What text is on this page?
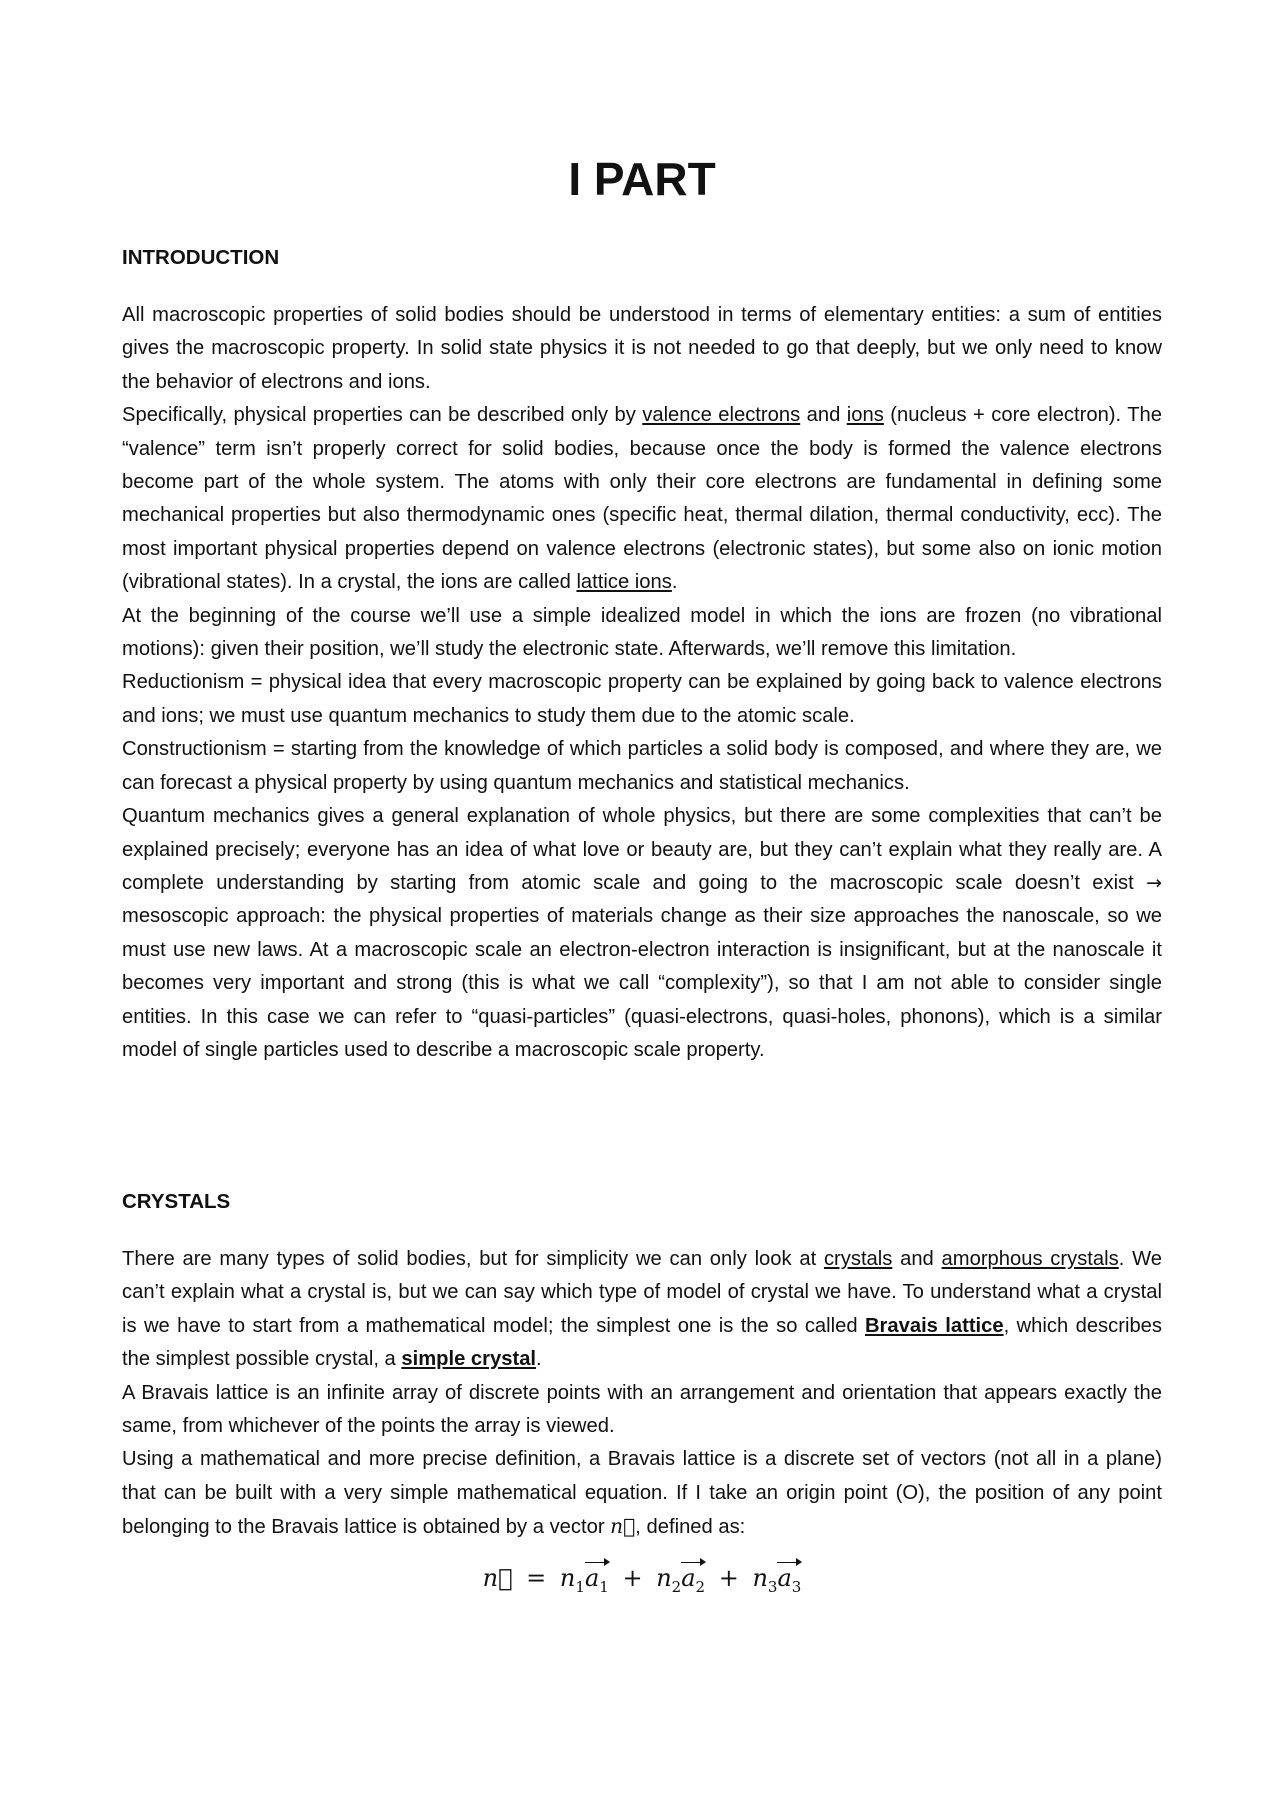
I PART
INTRODUCTION

All macroscopic properties of solid bodies should be understood in terms of elementary entities: a sum of entities gives the macroscopic property. In solid state physics it is not needed to go that deeply, but we only need to know the behavior of electrons and ions.

Specifically, physical properties can be described only by valence electrons and ions (nucleus + core electron). The “valence” term isn’t properly correct for solid bodies, because once the body is formed the valence electrons become part of the whole system. The atoms with only their core electrons are fundamental in defining some mechanical properties but also thermodynamic ones (specific heat, thermal dilation, thermal conductivity, ecc). The most important physical properties depend on valence electrons (electronic states), but some also on ionic motion (vibrational states). In a crystal, the ions are called lattice ions.

At the beginning of the course we’ll use a simple idealized model in which the ions are frozen (no vibrational motions): given their position, we’ll study the electronic state. Afterwards, we’ll remove this limitation.

Reductionism = physical idea that every macroscopic property can be explained by going back to valence electrons and ions; we must use quantum mechanics to study them due to the atomic scale.

Constructionism = starting from the knowledge of which particles a solid body is composed, and where they are, we can forecast a physical property by using quantum mechanics and statistical mechanics.

Quantum mechanics gives a general explanation of whole physics, but there are some complexities that can’t be explained precisely; everyone has an idea of what love or beauty are, but they can’t explain what they really are. A complete understanding by starting from atomic scale and going to the macroscopic scale doesn’t exist → mesoscopic approach: the physical properties of materials change as their size approaches the nanoscale, so we must use new laws. At a macroscopic scale an electron-electron interaction is insignificant, but at the nanoscale it becomes very important and strong (this is what we call “complexity”), so that I am not able to consider single entities. In this case we can refer to “quasi-particles” (quasi-electrons, quasi-holes, phonons), which is a similar model of single particles used to describe a macroscopic scale property.

CRYSTALS

There are many types of solid bodies, but for simplicity we can only look at crystals and amorphous crystals. We can’t explain what a crystal is, but we can say which type of model of crystal we have. To understand what a crystal is we have to start from a mathematical model; the simplest one is the so called Bravais lattice, which describes the simplest possible crystal, a simple crystal.

A Bravais lattice is an infinite array of discrete points with an arrangement and orientation that appears exactly the same, from whichever of the points the array is viewed.

Using a mathematical and more precise definition, a Bravais lattice is a discrete set of vectors (not all in a plane) that can be built with a very simple mathematical equation. If I take an origin point (O), the position of any point belonging to the Bravais lattice is obtained by a vector n⃗, defined as:

n⃗ = $n_1a_1 + n_2a_2 + n_3a_3$
